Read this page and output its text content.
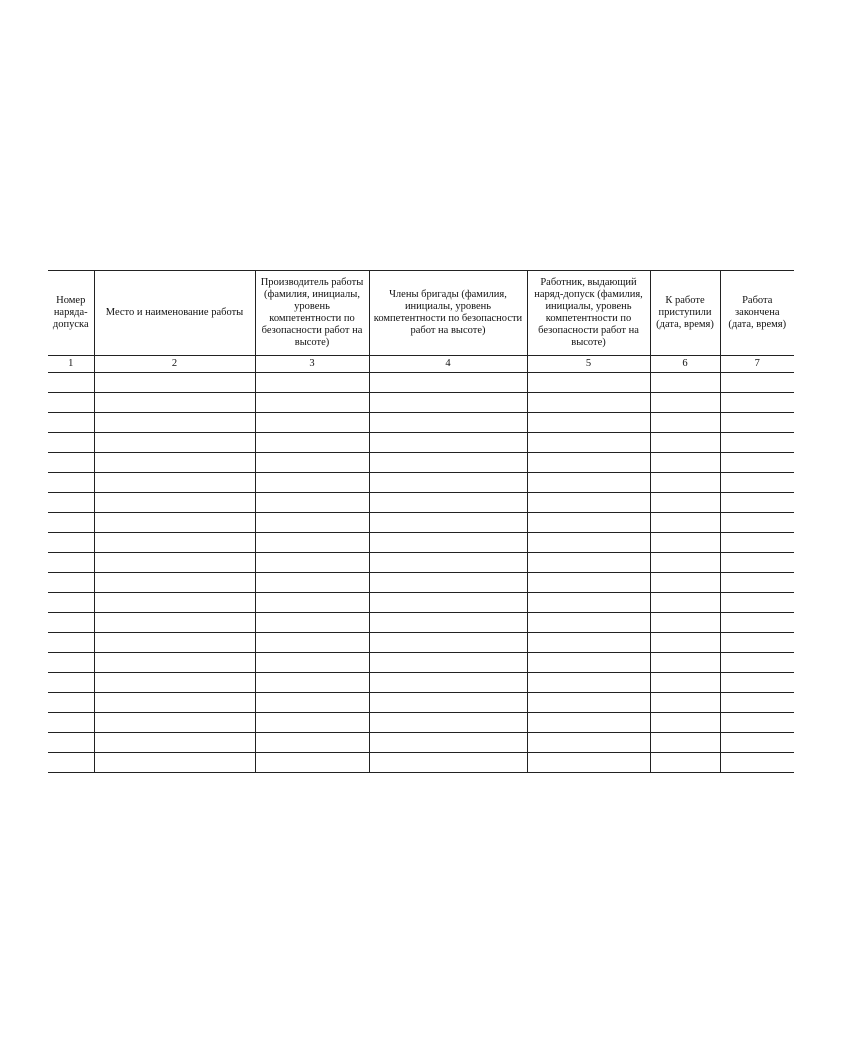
Номер наряда-допуска	Место и наименование работы	Производитель работы (фамилия, инициалы, уровень компетентности по безопасности работ на высоте)	Члены бригады (фамилия, инициалы, уровень компетентности по безопасности работ на высоте)	Работник, выдающий наряд-допуск (фамилия, инициалы, уровень компетентности по безопасности работ на высоте)	К работе приступили (дата, время)	Работа закончена (дата, время)
1	2	3	4	5	6	7
